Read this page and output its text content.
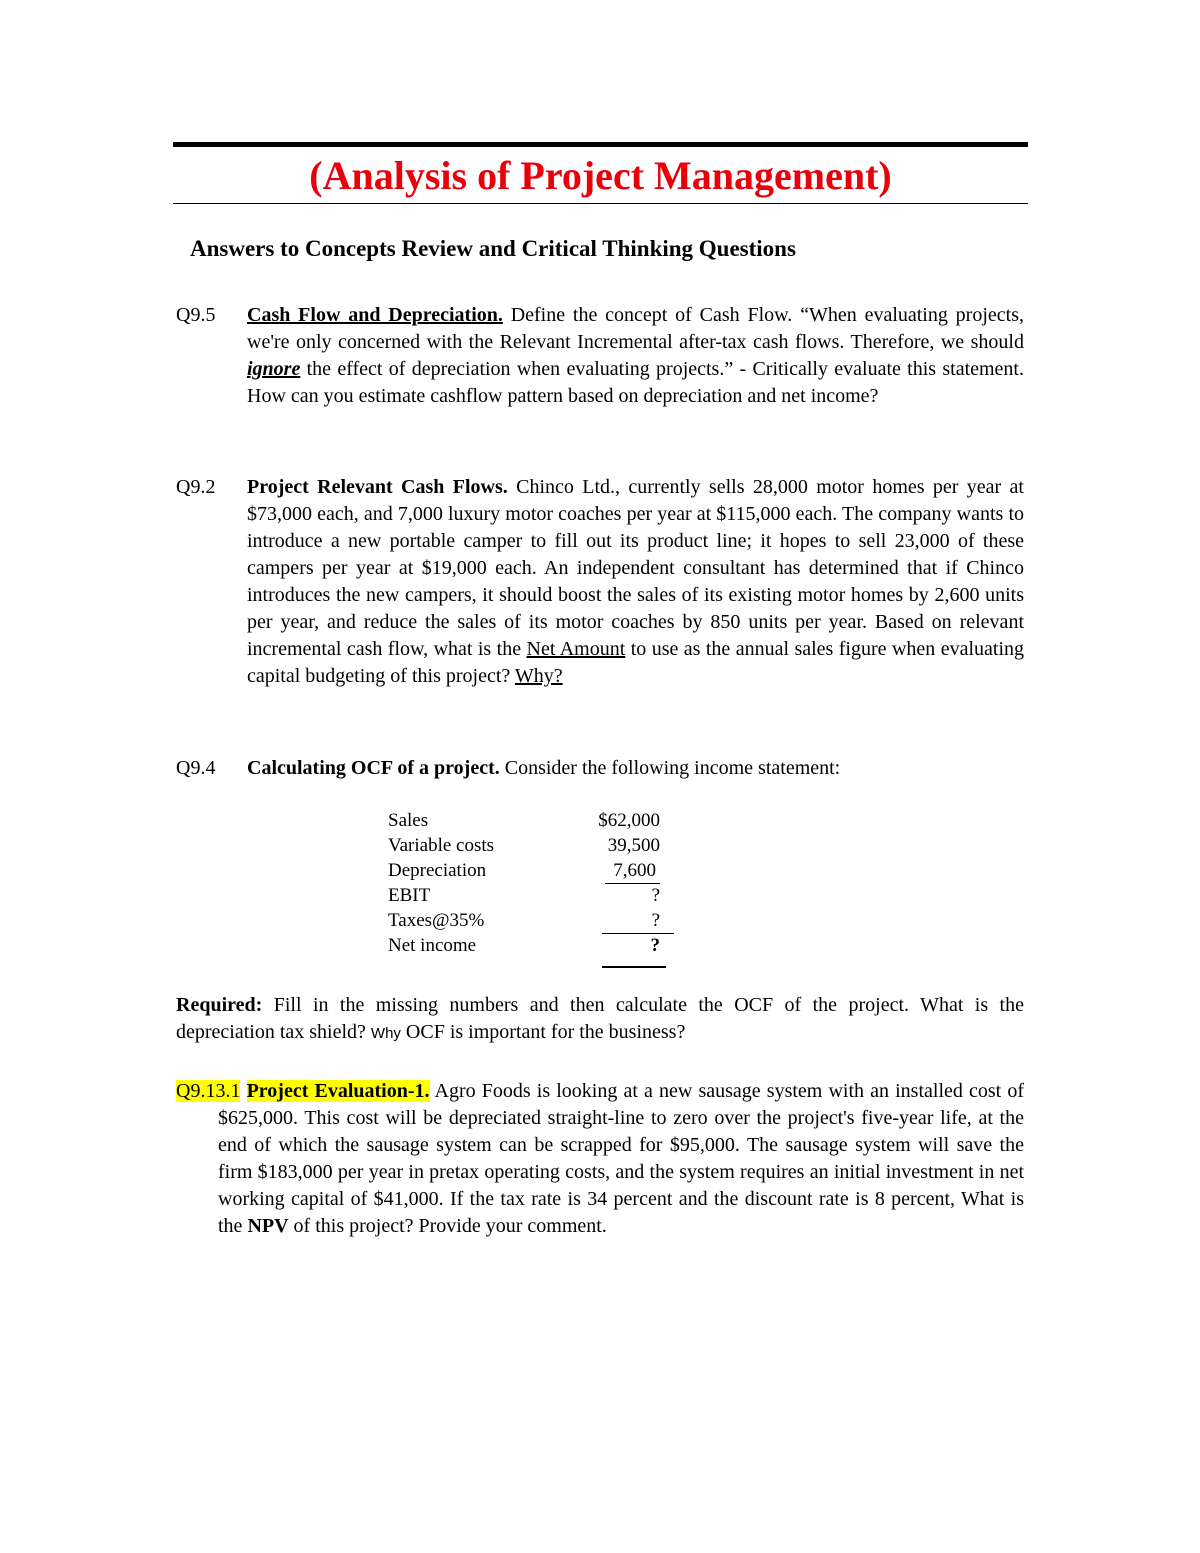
(Analysis of Project Management)
Answers to Concepts Review and Critical Thinking Questions
Q9.5 Cash Flow and Depreciation. Define the concept of Cash Flow. “When evaluating projects, we're only concerned with the Relevant Incremental after-tax cash flows. Therefore, we should ignore the effect of depreciation when evaluating projects.” - Critically evaluate this statement. How can you estimate cashflow pattern based on depreciation and net income?
Q9.2 Project Relevant Cash Flows. Chinco Ltd., currently sells 28,000 motor homes per year at $73,000 each, and 7,000 luxury motor coaches per year at $115,000 each. The company wants to introduce a new portable camper to fill out its product line; it hopes to sell 23,000 of these campers per year at $19,000 each. An independent consultant has determined that if Chinco introduces the new campers, it should boost the sales of its existing motor homes by 2,600 units per year, and reduce the sales of its motor coaches by 850 units per year. Based on relevant incremental cash flow, what is the Net Amount to use as the annual sales figure when evaluating capital budgeting of this project? Why?
Q9.4 Calculating OCF of a project. Consider the following income statement:
Sales	$62,000
Variable costs	39,500
Depreciation	7,600
EBIT	?
Taxes@35%	?
Net income	?
Required: Fill in the missing numbers and then calculate the OCF of the project. What is the depreciation tax shield? Why OCF is important for the business?
Q9.13.1 Project Evaluation-1. Agro Foods is looking at a new sausage system with an installed cost of $625,000. This cost will be depreciated straight-line to zero over the project's five-year life, at the end of which the sausage system can be scrapped for $95,000. The sausage system will save the firm $183,000 per year in pretax operating costs, and the system requires an initial investment in net working capital of $41,000. If the tax rate is 34 percent and the discount rate is 8 percent, What is the NPV of this project? Provide your comment.
